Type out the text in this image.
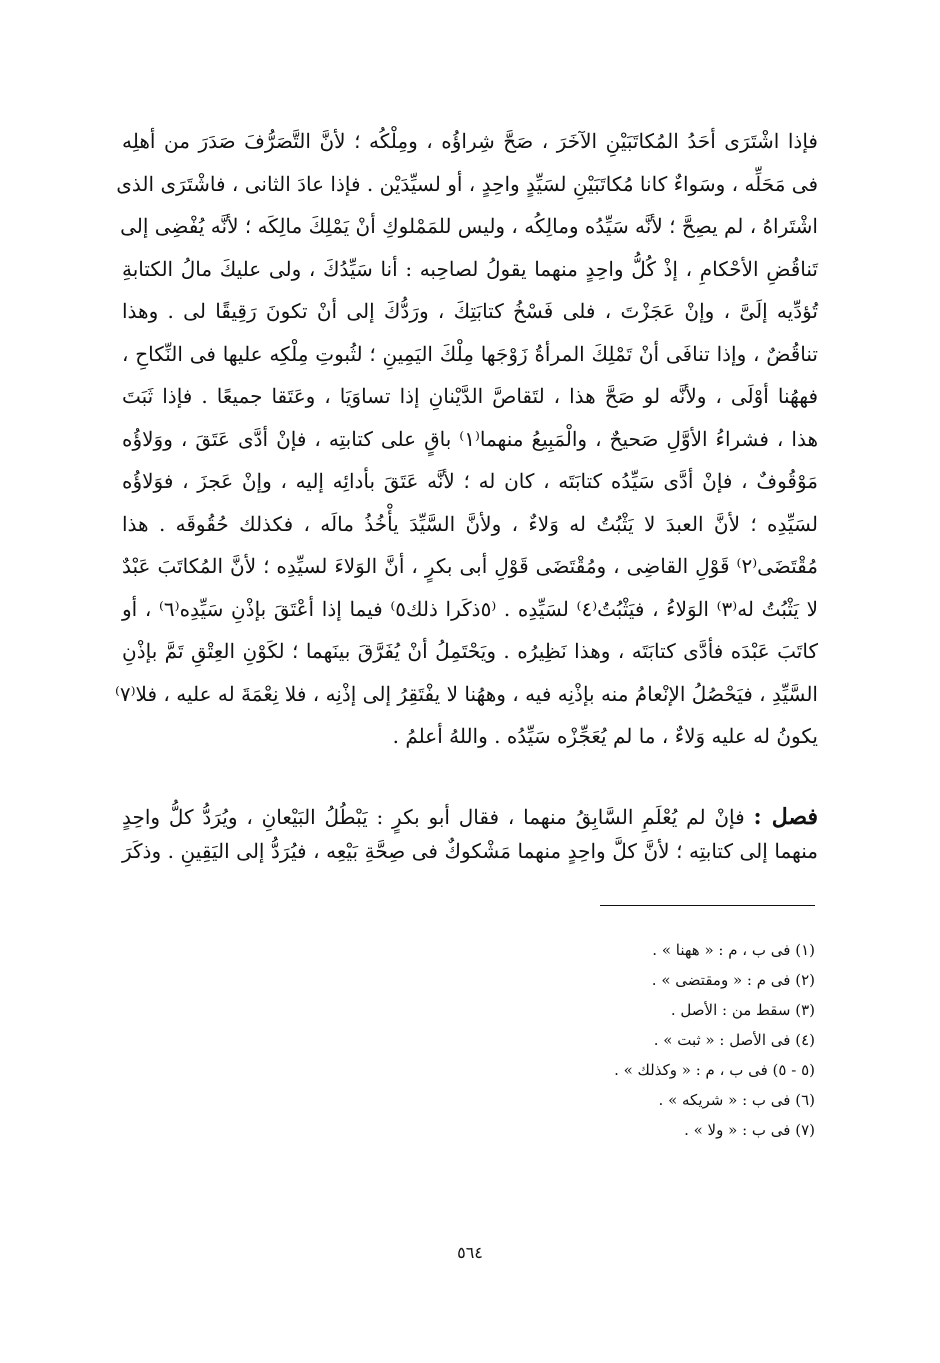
فإذا اشْتَرَى أحَدُ المُكاتَبَيْنِ الآخَرَ ، صَحَّ شِراؤُه ، ومِلْكُه ؛ لأنَّ التَّصَرُّفَ صَدَرَ من أهلِه
فى مَحَلِّه ، وسَواءٌ كانا مُكاتَبَيْنِ لسَيِّدٍ واحِدٍ ، أو لسيِّدَيْن . فإذا عادَ الثانى ، فاشْتَرَى الذى
اشْتَراهُ ، لم يصِحَّ ؛ لأنَّه سَيِّدُه ومالِكُه ، وليس للمَمْلوكِ أنْ يَمْلِكَ مالِكَه ؛ لأنَّه يُفْضِى إلى
تَناقُضِ الأحْكامِ ، إذْ كُلُّ واحِدٍ منهما يقولُ لصاحِبه : أنا سَيِّدُكَ ، ولى عليكَ مالُ الكتابةِ
تُؤدِّيه إلَىَّ ، وإنْ عَجَزْتَ ، فلى فَسْخُ كتابَتِكَ ، ورَدُّكَ إلى أنْ تكونَ رَقِيقًا لى . وهذا
تناقُضٌ ، وإذا تنافَى أنْ تَمْلِكَ المرأةُ زَوْجَها مِلْكَ اليَمِينِ ؛ لثُبوتِ مِلْكِه عليها فى النِّكاحِ ،
فههُنا أوْلَى ، ولأنَّه لو صَحَّ هذا ، لتَقاصَّ الدَّيْنانِ إذا تساوَيَا ، وعَتَقا جميعًا . فإذا ثَبَتَ
هذا ، فشراءُ الأوَّلِ صَحيحٌ ، والْمَبِيعُ منهما⁽١⁾ باقٍ على كتابتِه ، فإنْ أدَّى عَتَقَ ، ووَلاؤُه
مَوْقُوفٌ ، فإنْ أدَّى سَيِّدُه كتابَتَه ، كان له ؛ لأنَّه عَتَقَ بأدائِه إليه ، وإنْ عَجزَ ، فوَلاؤُه
لسَيِّدِه ؛ لأنَّ العبدَ لا يَثْبُتُ له وَلاءٌ ، ولأنَّ السَّيِّدَ يأْخُذُ مالَه ، فكذلك حُقُوقَه . هذا
مُقْتَضَى⁽٢⁾ قَوْلِ القاضِى ، ومُقْتَضَى قَوْلِ أبى بكرٍ ، أنَّ الوَلاءَ لسيِّدِه ؛ لأنَّ المُكاتَبَ عَبْدٌ
لا يَثْبُتُ له⁽٣⁾ الوَلاءُ ، فيَثْبُتُ⁽٤⁾ لسَيِّدِه . ⁽٥ذكَرا ذلك٥⁾ فيما إذا أعْتَقَ بإذْنِ سَيِّدِه⁽٦⁾ ، أو
كاتَبَ عَبْدَه فأدَّى كتابَتَه ، وهذا نَظِيرُه . ويَحْتَمِلُ أنْ يُفَرَّقَ بينَهما ؛ لكَوْنِ العِتْقِ تَمَّ بإذْنِ
السَّيِّدِ ، فيَحْصُلُ الإنْعامُ منه بإذْنِه فيه ، وههُنا لا يفْتَقِرُ إلى إذْنِه ، فلا نِعْمَةَ له عليه ، فلا⁽٧⁾
يكونُ له عليه وَلاءٌ ، ما لم يُعَجِّزْه سَيِّدُه . واللهُ أعلمُ .
فصل : فإنْ لم يُعْلَمِ السَّابِقُ منهما ، فقال أبو بكرٍ : يَبْطُلُ البَيْعانِ ، ويُرَدُّ كلُّ واحِدٍ
منهما إلى كتابتِه ؛ لأنَّ كلَّ واحِدٍ منهما مَشْكوكٌ فى صِحَّةِ بَيْعِه ، فيُرَدُّ إلى اليَقِينِ . وذكَرَ
(١) فى ب ، م : « ههنا » .
(٢) فى م : « ومقتضى » .
(٣) سقط من : الأصل .
(٤) فى الأصل : « ثبت » .
(٥ - ٥) فى ب ، م : « وكذلك » .
(٦) فى ب : « شريكه » .
(٧) فى ب : « ولا » .
٥٦٤
